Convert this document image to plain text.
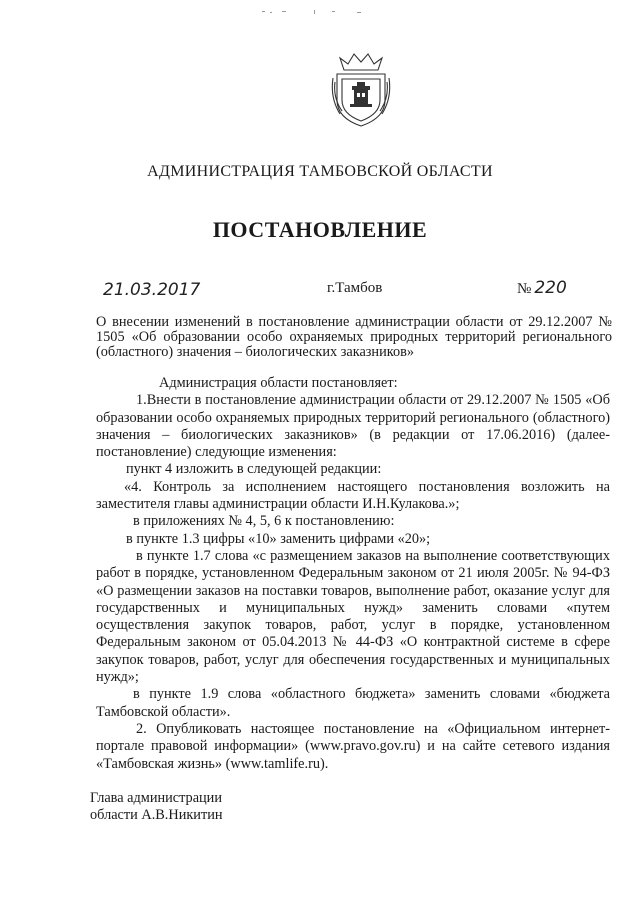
АДМИНИСТРАЦИЯ ТАМБОВСКОЙ ОБЛАСТИ
ПОСТАНОВЛЕНИЕ
21.03.2017	г.Тамбов	№ 220
О внесении изменений в постановление администрации области от 29.12.2007 № 1505 «Об образовании особо охраняемых природных территорий регионального (областного) значения – биологических заказников»

Администрация области постановляет:

1.Внести в постановление администрации области от 29.12.2007 № 1505 «Об образовании особо охраняемых природных территорий регионального (областного) значения – биологических заказников» (в редакции от 17.06.2016) (далее-постановление) следующие изменения:

пункт 4 изложить в следующей редакции:

«4. Контроль за исполнением настоящего постановления возложить на заместителя главы администрации области И.Н.Кулакова.»;

в приложениях № 4, 5, 6 к постановлению:

в пункте 1.3 цифры «10» заменить цифрами «20»;

в пункте 1.7 слова «с размещением заказов на выполнение соответствующих работ в порядке, установленном Федеральным законом от 21 июля 2005г. № 94-ФЗ «О размещении заказов на поставки товаров, выполнение работ, оказание услуг для государственных и муниципальных нужд» заменить словами «путем осуществления закупок товаров, работ, услуг в порядке, установленном Федеральным законом от 05.04.2013 № 44-ФЗ «О контрактной системе в сфере закупок товаров, работ, услуг для обеспечения государственных и муниципальных нужд»;

в пункте 1.9 слова «областного бюджета» заменить словами «бюджета Тамбовской области».

2. Опубликовать настоящее постановление на «Официальном интернет-портале правовой информации» (www.pravo.gov.ru) и на сайте сетевого издания «Тамбовская жизнь» (www.tamlife.ru).

Глава администрации
области А.В.Никитин
